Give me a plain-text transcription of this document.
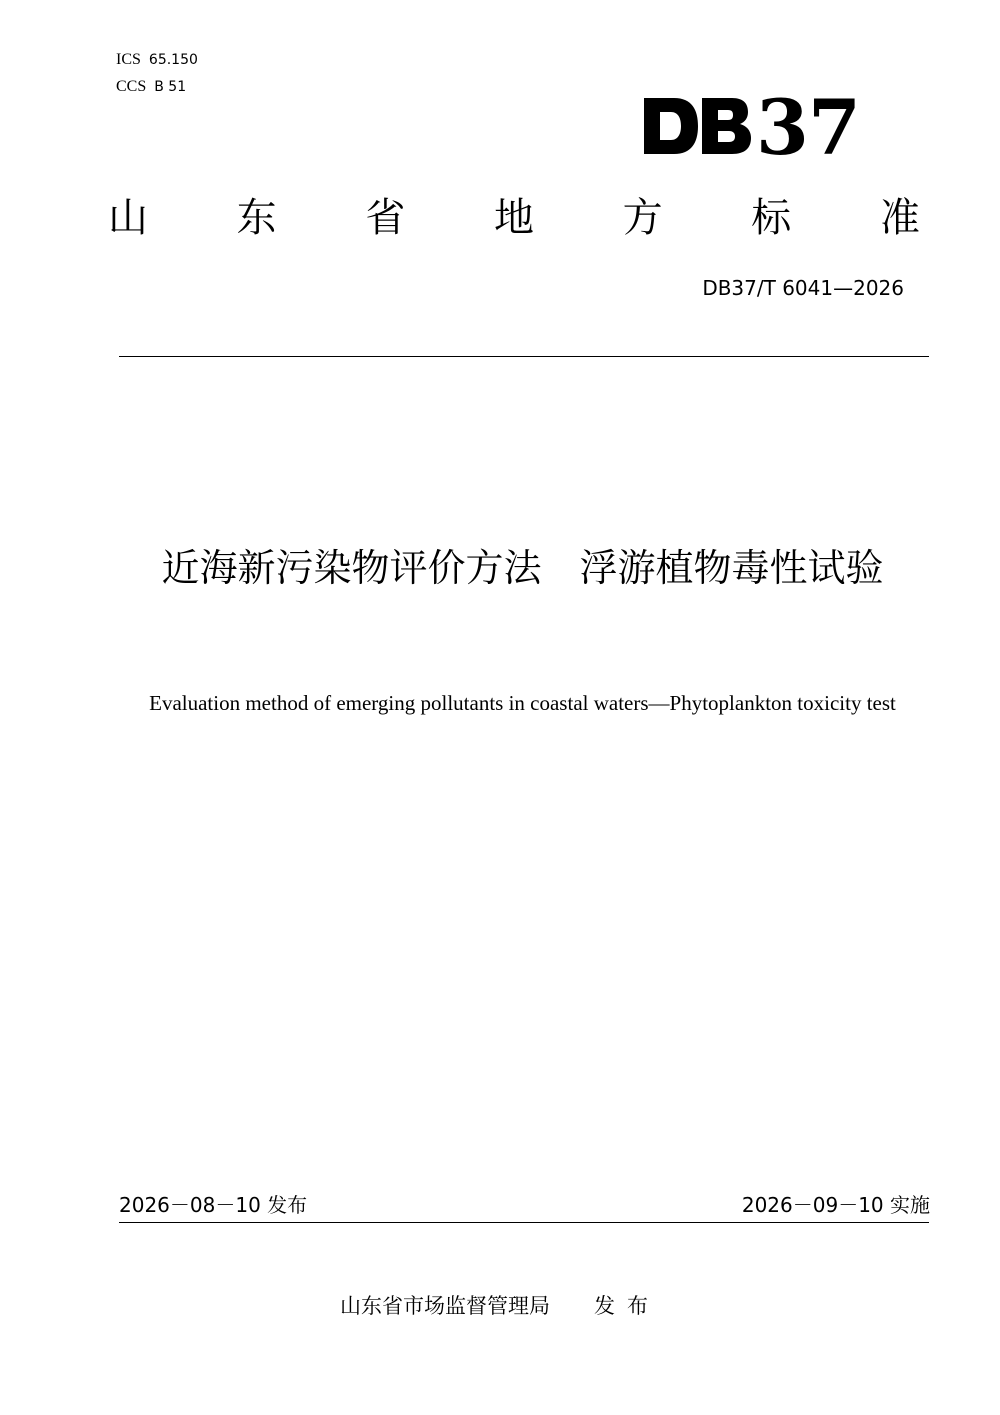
ICS 65.150
CCS B 51	3 7
山 东 省 地 方 标 准
DB37/T 6041—2026
近海新污染物评价方法　浮游植物毒性试验
Evaluation method of emerging pollutants in coastal waters—Phytoplankton toxicity test
2026－08－10 发布	2026－09－10 实施
山东省市场监督管理局 发布
